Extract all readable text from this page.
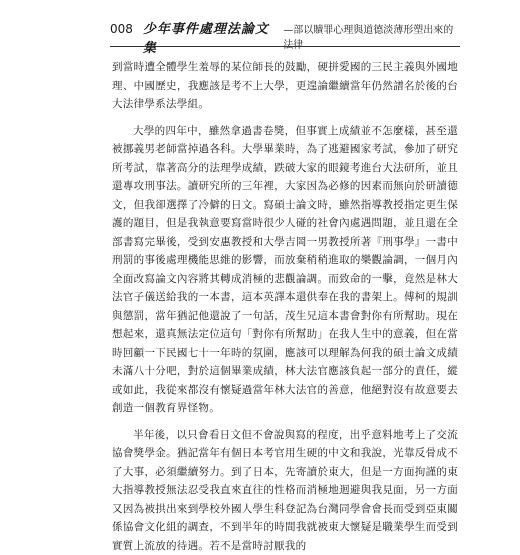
008 少年事件處理法論文集
—部以贖罪心理與道德淡薄形塑出來的法律

到當時遭全體學生羞辱的某位師長的鼓勵，硬拼愛國的三民主義與外國地理、中國歷史，我應該是考不上大學，更遑論繼續當年仍然譜名於後的台大法律學系法學組。

大學的四年中，雖然拿過書卷獎，但事實上成績並不怎麼樣，甚至還被挪義男老師當掉過各科。大學畢業時，為了逃避國家考試，參加了研究所考試，靠著高分的法理學成績，跌破大家的眼鏡考進台大法研所，並且還專攻刑事法。讀研究所的三年裡，大家因為必修的因素而無向於研讀德文，但我卻選擇了冷僻的日文。寫碩士論文時，雖然指導教授指定更生保護的題目，但是我執意要寫當時很少人碰的社會內處遇問題，並且還在全部書寫完畢後，受到安惠教授和大學吉岡一男教授所著『刑事學』一書中刑罰的事後處理機能思維的影響，而放棄稍稍進取的樂觀論調，一個月內全面改寫論文內容將其轉成消極的悲觀論調。而致命的一擊，竟然是林大法官子儀送給我的一本書，這本英譯本還供奉在我的書架上。傅柯的規訓與懲罰，當年猶記他還說了一句話，茂生兄這本書會對你有所幫助。現在想起來，還真無法定位這句「對你有所幫助」在我人生中的意義，但在當時回顧一下民國七十一年時的氛圍，應該可以理解為何我的碩士論文成績未滿八十分吧，對於這個畢業成績，林大法官應該負起一部分的責任，縱或如此，我從來都沒有懷疑過當年林大法官的善意，他絕對沒有故意要去創造一個教育界怪物。

半年後，以只會看日文但不會說與寫的程度，出乎意料地考上了交流協會獎學金。猶記當年有個日本考官用生硬的中文和我說，光靠反骨成不了大事，必須繼續努力。到了日本，先寄讀於東大，但是一方面拘謹的東大指導教授無法忍受我直來直往的性格而消極地迴避與我見面，另一方面又因為被拱出來到學校外國人學生科登記為台灣同學會會長而受到亞東關係協會文化組的調查，不到半年的時間我就被東大懷疑是職業學生而受到實質上流放的待遇。若不是當時討厭我的
